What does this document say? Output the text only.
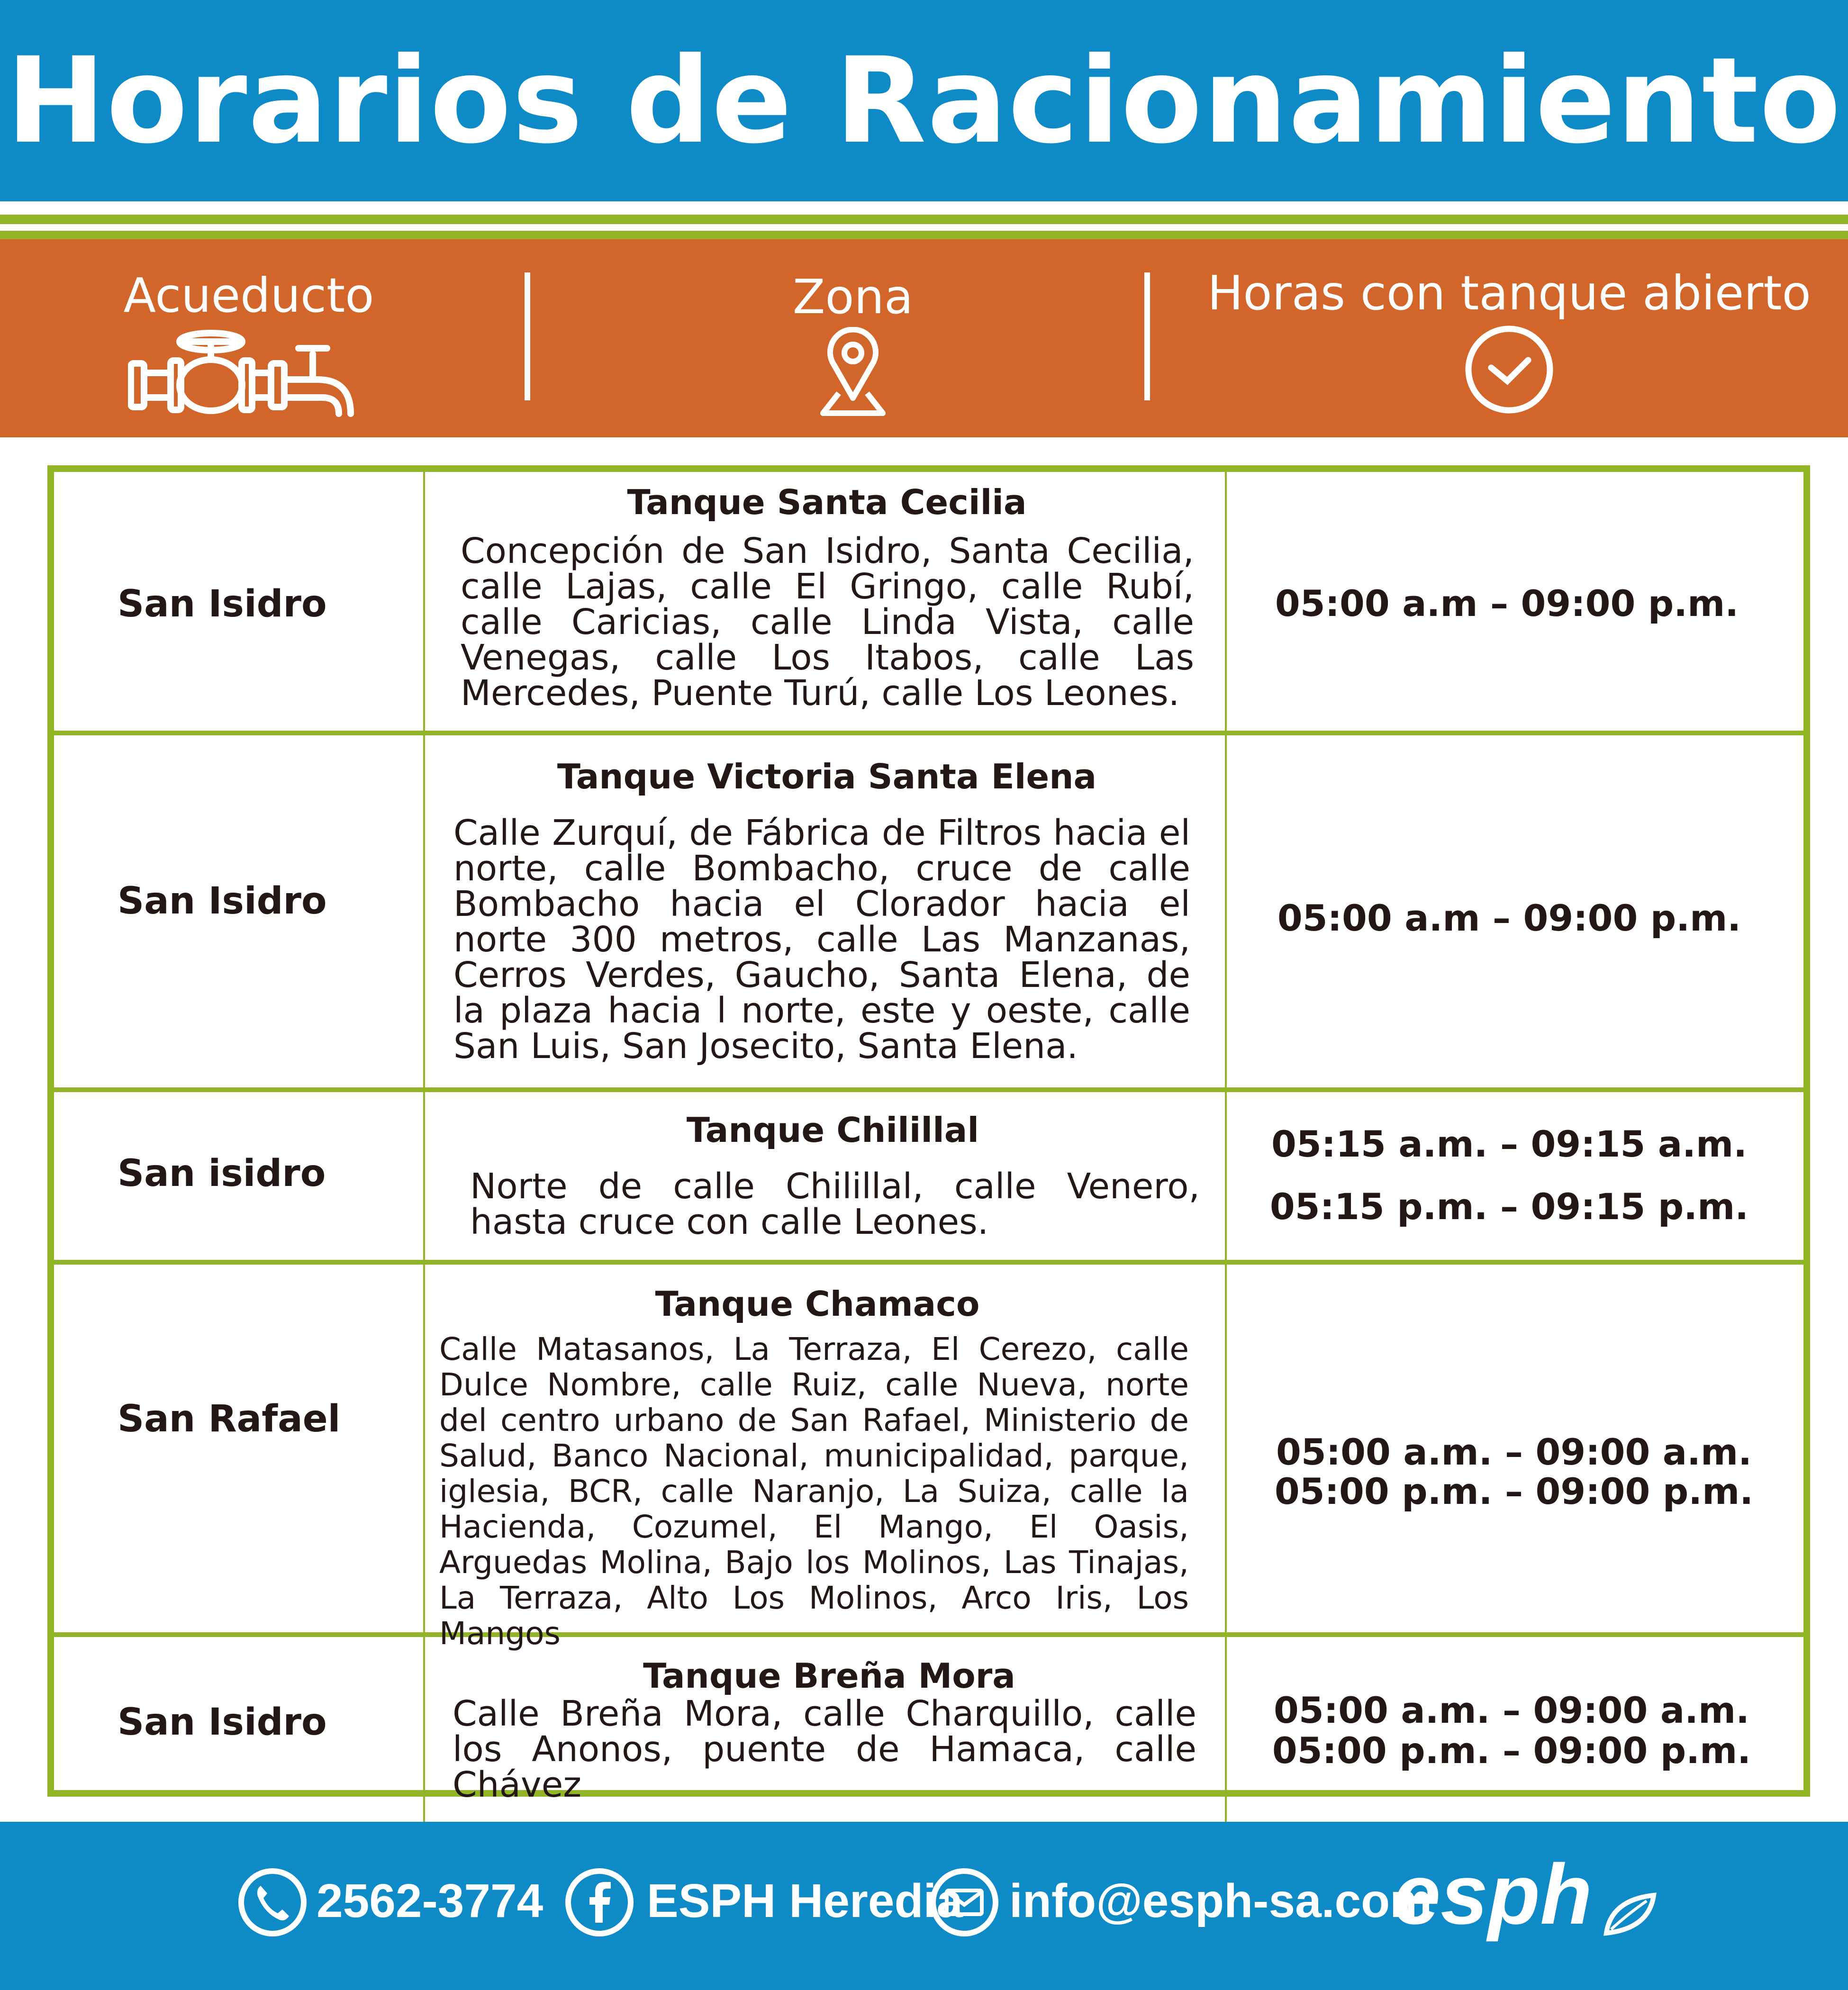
Horarios de Racionamiento
Acueducto	Zona	Horas con tanque abierto
San Isidro
Tanque Santa Cecilia
Concepción de San Isidro, Santa Cecilia, calle Lajas, calle El Gringo, calle Rubí, calle Caricias, calle Linda Vista, calle Venegas, calle Los Itabos, calle Las Mercedes, Puente Turú, calle Los Leones.
05:00 a.m – 09:00 p.m.
San Isidro
Tanque Victoria Santa Elena
Calle Zurquí, de Fábrica de Filtros hacia el norte, calle Bombacho, cruce de calle Bombacho hacia el Clorador hacia el norte 300 metros, calle Las Manzanas, Cerros Verdes, Gaucho, Santa Elena, de la plaza hacia l norte, este y oeste, calle San Luis, San Josecito, Santa Elena.
05:00 a.m – 09:00 p.m.
San isidro
Tanque Chilillal
Norte de calle Chilillal, calle Venero, hasta cruce con calle Leones.
05:15 a.m. – 09:15 a.m.
05:15 p.m. – 09:15 p.m.
San Rafael
Tanque Chamaco
Calle Matasanos, La Terraza, El Cerezo, calle Dulce Nombre, calle Ruiz, calle Nueva, norte del centro urbano de San Rafael, Ministerio de Salud, Banco Nacional, municipalidad, parque, iglesia, BCR, calle Naranjo, La Suiza, calle la Hacienda, Cozumel, El Mango, El Oasis, Arguedas Molina, Bajo los Molinos, Las Tinajas, La Terraza, Alto Los Molinos, Arco Iris, Los Mangos
05:00 a.m. – 09:00 a.m.
05:00 p.m. – 09:00 p.m.
San Isidro
Tanque Breña Mora
Calle Breña Mora, calle Charquillo, calle los Anonos, puente de Hamaca, calle Chávez
05:00 a.m. – 09:00 a.m.
05:00 p.m. – 09:00 p.m.
2562-3774 ESPH Heredia info@esph-sa.com
esph
